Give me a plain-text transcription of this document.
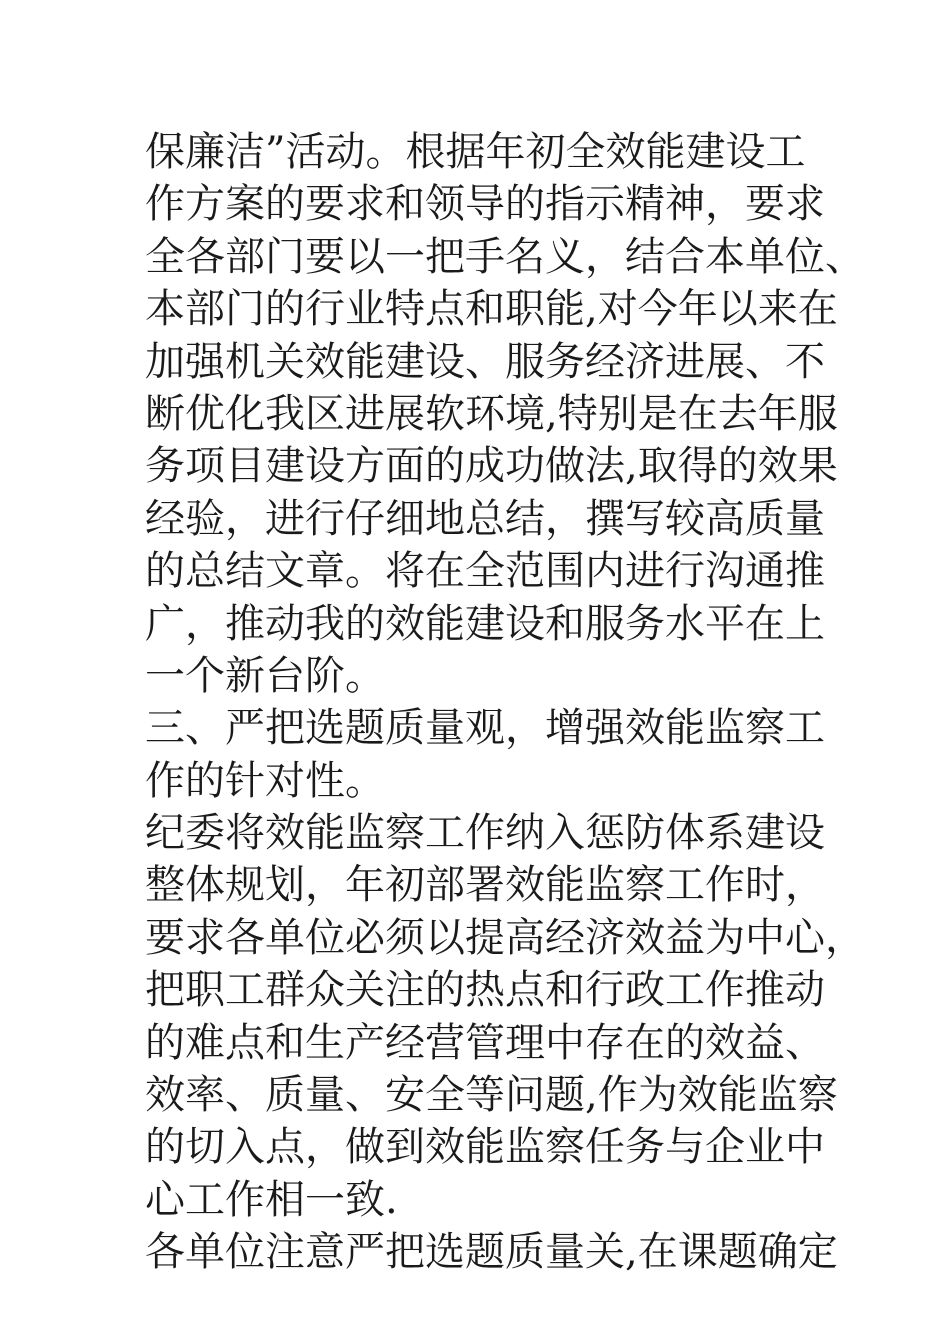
保廉洁”活动。根据年初全效能建设工
作方案的要求和领导的指示精神，要求
全各部门要以一把手名义，结合本单位、
本部门的行业特点和职能,对今年以来在
加强机关效能建设、服务经济进展、不
断优化我区进展软环境,特别是在去年服
务项目建设方面的成功做法,取得的效果
经验，进行仔细地总结，撰写较高质量
的总结文章。将在全范围内进行沟通推
广，推动我的效能建设和服务水平在上
一个新台阶。
三、严把选题质量观，增强效能监察工
作的针对性。
纪委将效能监察工作纳入惩防体系建设
整体规划，年初部署效能监察工作时，
要求各单位必须以提高经济效益为中心，
把职工群众关注的热点和行政工作推动
的难点和生产经营管理中存在的效益、
效率、质量、安全等问题,作为效能监察
的切入点，做到效能监察任务与企业中
心工作相一致.
各单位注意严把选题质量关,在课题确定
